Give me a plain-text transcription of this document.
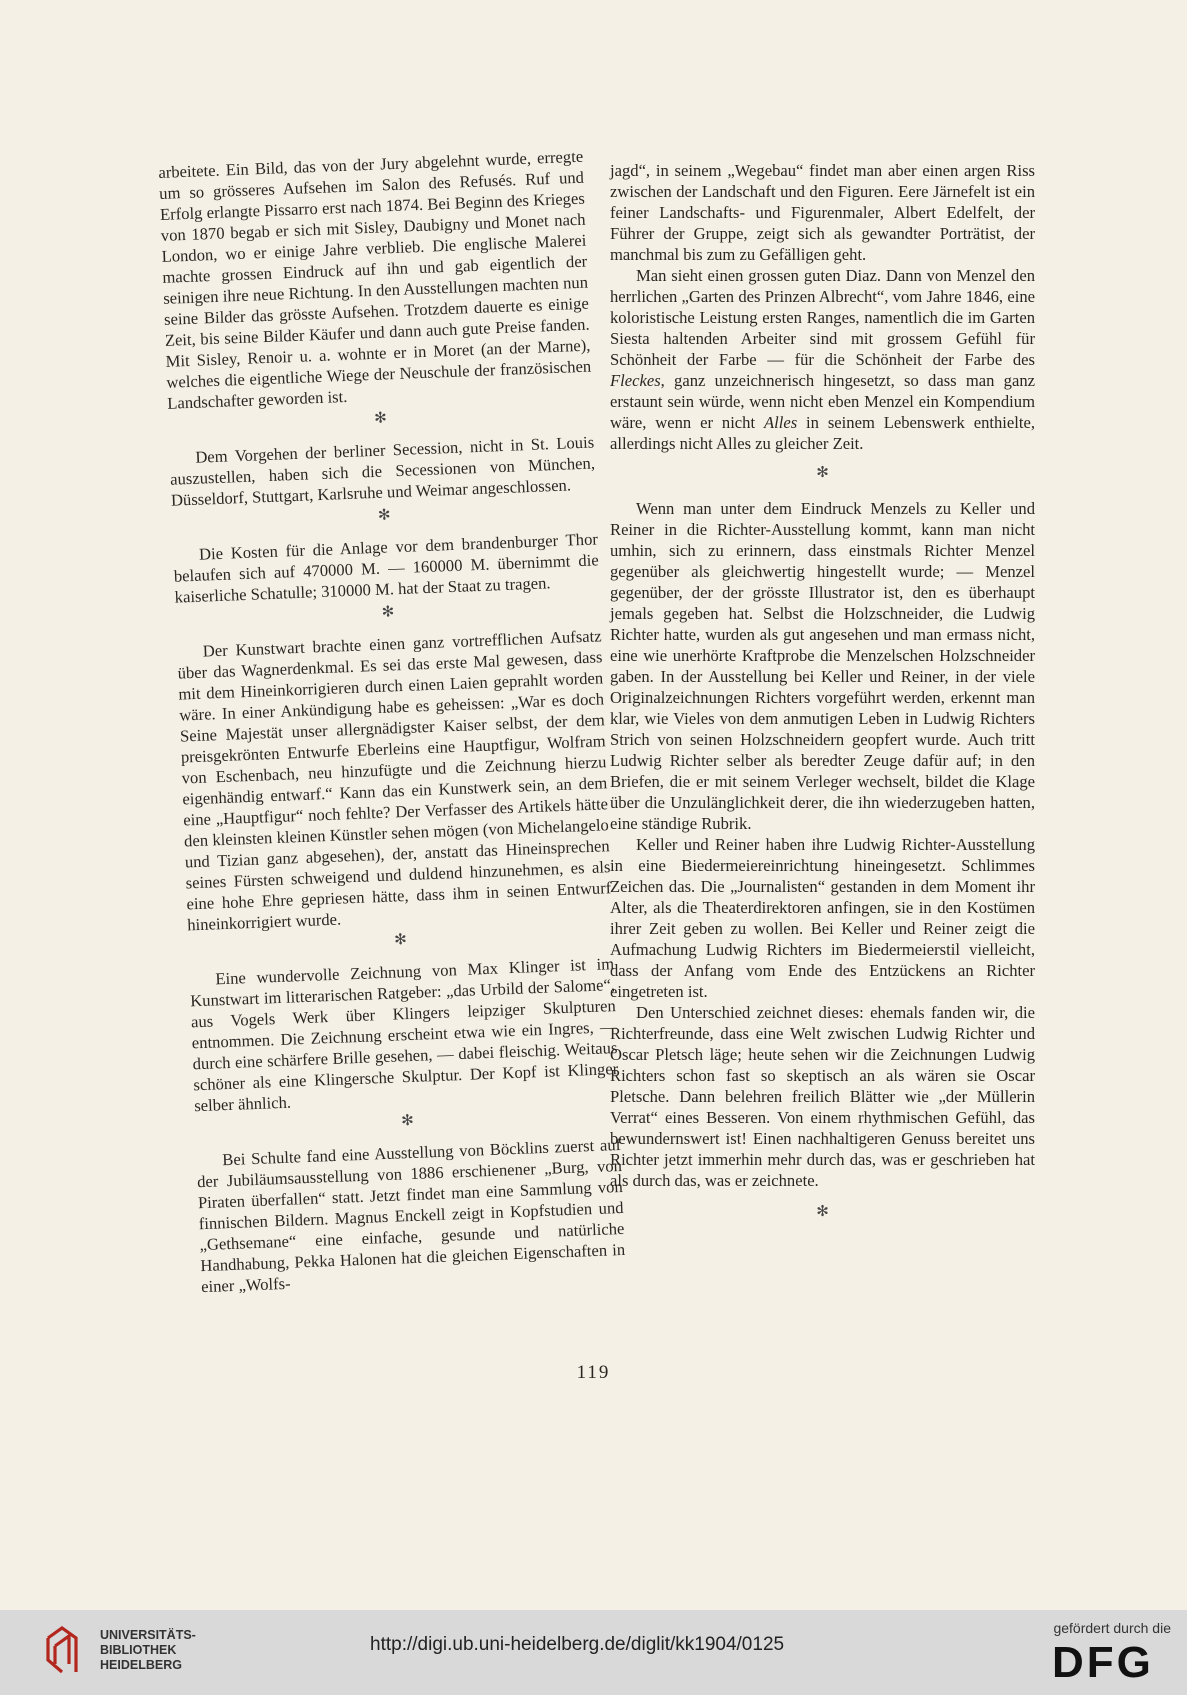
arbeitete. Ein Bild, das von der Jury abgelehnt wurde, erregte um so grösseres Aufsehen im Salon des Refusés. Ruf und Erfolg erlangte Pissarro erst nach 1874. Bei Beginn des Krieges von 1870 begab er sich mit Sisley, Daubigny und Monet nach London, wo er einige Jahre verblieb. Die englische Malerei machte grossen Eindruck auf ihn und gab eigentlich der seinigen ihre neue Richtung. In den Ausstellungen machten nun seine Bilder das grösste Aufsehen. Trotzdem dauerte es einige Zeit, bis seine Bilder Käufer und dann auch gute Preise fanden. Mit Sisley, Renoir u. a. wohnte er in Moret (an der Marne), welches die eigentliche Wiege der Neuschule der französischen Landschafter geworden ist.

✻

Dem Vorgehen der berliner Secession, nicht in St. Louis auszustellen, haben sich die Secessionen von München, Düsseldorf, Stuttgart, Karlsruhe und Weimar angeschlossen.

✻

Die Kosten für die Anlage vor dem brandenburger Thor belaufen sich auf 470000 M. — 160000 M. übernimmt die kaiserliche Schatulle; 310000 M. hat der Staat zu tragen.

✻

Der Kunstwart brachte einen ganz vortrefflichen Aufsatz über das Wagnerdenkmal. Es sei das erste Mal gewesen, dass mit dem Hineinkorrigieren durch einen Laien geprahlt worden wäre. In einer Ankündigung habe es geheissen: „War es doch Seine Majestät unser allergnädigster Kaiser selbst, der dem preisgekrönten Entwurfe Eberleins eine Hauptfigur, Wolfram von Eschenbach, neu hinzufügte und die Zeichnung hierzu eigenhändig entwarf.“ Kann das ein Kunstwerk sein, an dem eine „Hauptfigur“ noch fehlte? Der Verfasser des Artikels hätte den kleinsten kleinen Künstler sehen mögen (von Michelangelo und Tizian ganz abgesehen), der, anstatt das Hineinsprechen seines Fürsten schweigend und duldend hinzunehmen, es als eine hohe Ehre gepriesen hätte, dass ihm in seinen Entwurf hineinkorrigiert wurde.

✻

Eine wundervolle Zeichnung von Max Klinger ist im Kunstwart im litterarischen Ratgeber: „das Urbild der Salome“, aus Vogels Werk über Klingers leipziger Skulpturen entnommen. Die Zeichnung erscheint etwa wie ein Ingres, — durch eine schärfere Brille gesehen, — dabei fleischig. Weitaus schöner als eine Klingersche Skulptur. Der Kopf ist Klinger selber ähnlich.

✻

Bei Schulte fand eine Ausstellung von Böcklins zuerst auf der Jubiläumsausstellung von 1886 erschienener „Burg, von Piraten überfallen“ statt. Jetzt findet man eine Sammlung von finnischen Bildern. Magnus Enckell zeigt in Kopfstudien und „Gethsemane“ eine einfache, gesunde und natürliche Handhabung, Pekka Halonen hat die gleichen Eigenschaften in einer „Wolfs-

jagd“, in seinem „Wegebau“ findet man aber einen argen Riss zwischen der Landschaft und den Figuren. Eere Järnefelt ist ein feiner Landschafts- und Figurenmaler, Albert Edelfelt, der Führer der Gruppe, zeigt sich als gewandter Porträtist, der manchmal bis zum zu Gefälligen geht.

Man sieht einen grossen guten Diaz. Dann von Menzel den herrlichen „Garten des Prinzen Albrecht“, vom Jahre 1846, eine koloristische Leistung ersten Ranges, namentlich die im Garten Siesta haltenden Arbeiter sind mit grossem Gefühl für Schönheit der Farbe — für die Schönheit der Farbe des Fleckes, ganz unzeichnerisch hingesetzt, so dass man ganz erstaunt sein würde, wenn nicht eben Menzel ein Kompendium wäre, wenn er nicht Alles in seinem Lebenswerk enthielte, allerdings nicht Alles zu gleicher Zeit.

✻

Wenn man unter dem Eindruck Menzels zu Keller und Reiner in die Richter-Ausstellung kommt, kann man nicht umhin, sich zu erinnern, dass einstmals Richter Menzel gegenüber als gleichwertig hingestellt wurde; — Menzel gegenüber, der der grösste Illustrator ist, den es überhaupt jemals gegeben hat. Selbst die Holzschneider, die Ludwig Richter hatte, wurden als gut angesehen und man ermass nicht, eine wie unerhörte Kraftprobe die Menzelschen Holzschneider gaben. In der Ausstellung bei Keller und Reiner, in der viele Originalzeichnungen Richters vorgeführt werden, erkennt man klar, wie Vieles von dem anmutigen Leben in Ludwig Richters Strich von seinen Holzschneidern geopfert wurde. Auch tritt Ludwig Richter selber als beredter Zeuge dafür auf; in den Briefen, die er mit seinem Verleger wechselt, bildet die Klage über die Unzulänglichkeit derer, die ihn wiederzugeben hatten, eine ständige Rubrik.

Keller und Reiner haben ihre Ludwig Richter-Ausstellung in eine Biedermeiereinrichtung hineingesetzt. Schlimmes Zeichen das. Die „Journalisten“ gestanden in dem Moment ihr Alter, als die Theaterdirektoren anfingen, sie in den Kostümen ihrer Zeit geben zu wollen. Bei Keller und Reiner zeigt die Aufmachung Ludwig Richters im Biedermeierstil vielleicht, dass der Anfang vom Ende des Entzückens an Richter eingetreten ist.

Den Unterschied zeichnet dieses: ehemals fanden wir, die Richterfreunde, dass eine Welt zwischen Ludwig Richter und Oscar Pletsch läge; heute sehen wir die Zeichnungen Ludwig Richters schon fast so skeptisch an als wären sie Oscar Pletsche. Dann belehren freilich Blätter wie „der Müllerin Verrat“ eines Besseren. Von einem rhythmischen Gefühl, das bewundernswert ist! Einen nachhaltigeren Genuss bereitet uns Richter jetzt immerhin mehr durch das, was er geschrieben hat als durch das, was er zeichnete.

✻
119
UNIVERSITÄTS-
BIBLIOTHEK
HEIDELBERG
http://digi.ub.uni-heidelberg.de/diglit/kk1904/0125
gefördert durch die
DFG
